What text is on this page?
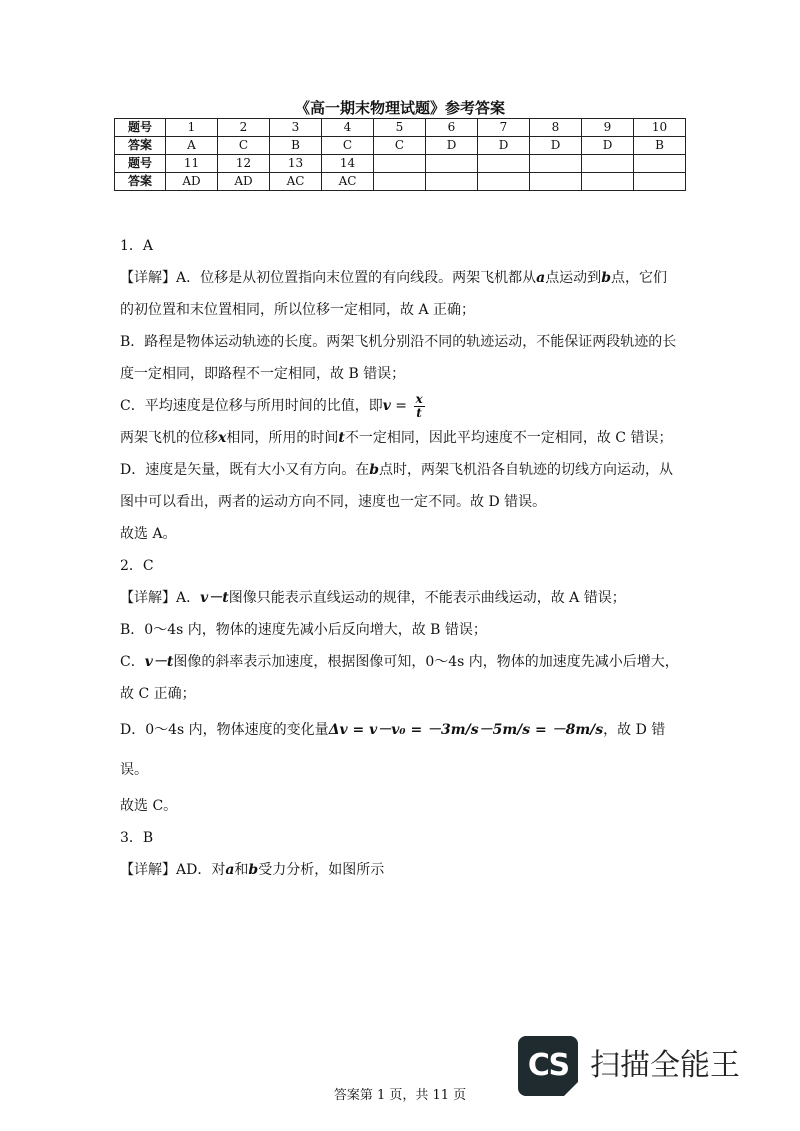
《高一期末物理试题》参考答案
题号	1	2	3	4	5	6	7	8	9	10
答案	A	C	B	C	C	D	D	D	D	B
题号	11	12	13	14						
答案	AD	AD	AC	AC						

1．A

【详解】A．位移是从初位置指向末位置的有向线段。两架飞机都从a点运动到b点，它们

的初位置和末位置相同，所以位移一定相同，故 A 正确；

B．路程是物体运动轨迹的长度。两架飞机分别沿不同的轨迹运动，不能保证两段轨迹的长

度一定相同，即路程不一定相同，故 B 错误；

C．平均速度是位移与所用时间的比值，即$v = \frac{x}{t}$

两架飞机的位移x相同，所用的时间t不一定相同，因此平均速度不一定相同，故 C 错误；

D．速度是矢量，既有大小又有方向。在b点时，两架飞机沿各自轨迹的切线方向运动，从

图中可以看出，两者的运动方向不同，速度也一定不同。故 D 错误。

故选 A。

2．C

【详解】A．v－t图像只能表示直线运动的规律，不能表示曲线运动，故 A 错误；

B．0～4s 内，物体的速度先减小后反向增大，故 B 错误；

C．v－t图像的斜率表示加速度，根据图像可知，0～4s 内，物体的加速度先减小后增大，

故 C 正确；

D．0～4s 内，物体速度的变化量Δv = v－v₀ = －3m/s－5m/s = －8m/s，故 D 错误。

故选 C。

3．B

【详解】AD．对a和b受力分析，如图所示

CS 扫描全能王
答案第 1 页，共 11 页
